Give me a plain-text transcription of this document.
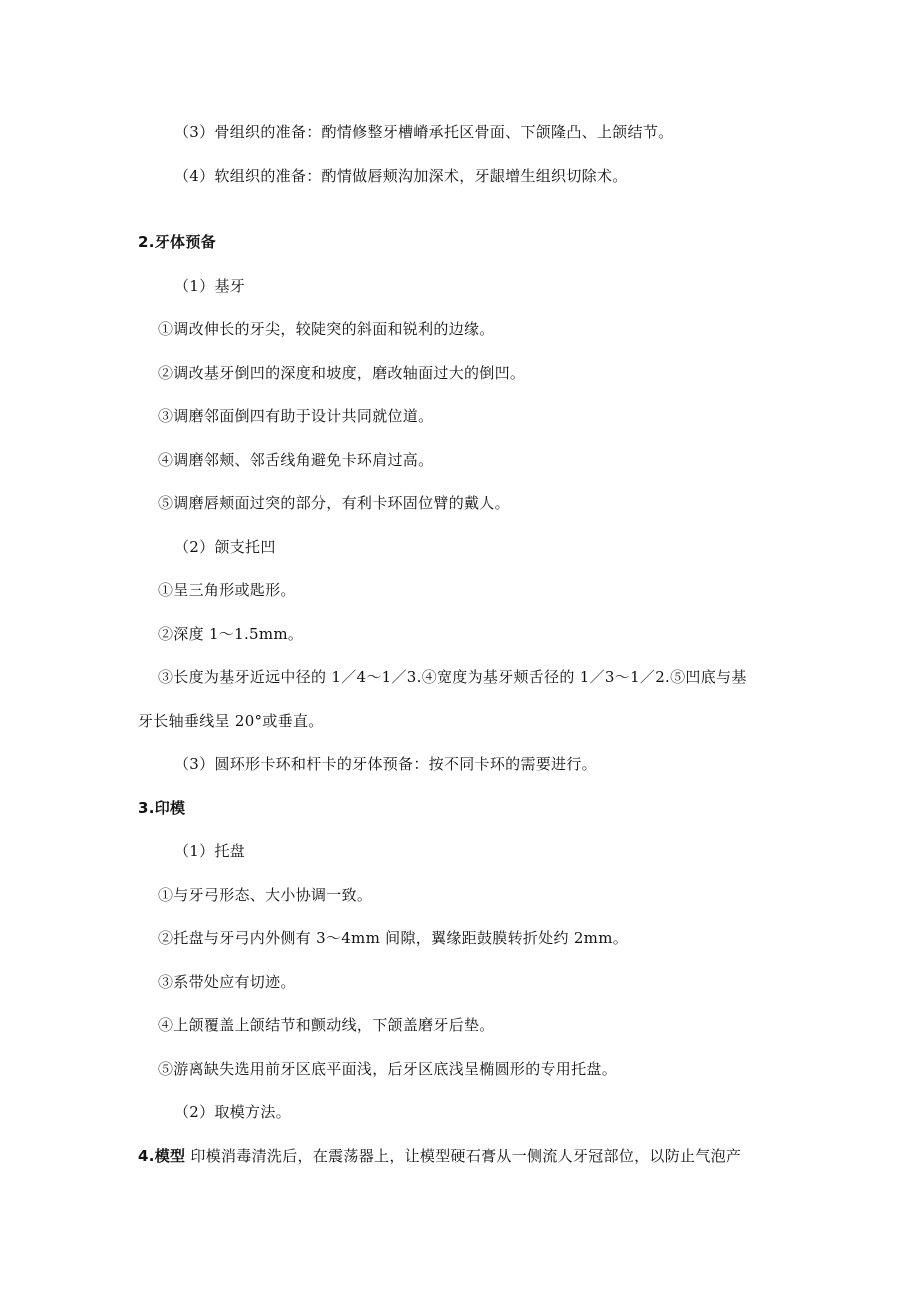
（3）骨组织的准备：酌情修整牙槽嵴承托区骨面、下颌隆凸、上颌结节。
（4）软组织的准备：酌情做唇颊沟加深术，牙龈增生组织切除术。
2.牙体预备
（1）基牙
①调改伸长的牙尖，较陡突的斜面和锐利的边缘。
②调改基牙倒凹的深度和坡度，磨改轴面过大的倒凹。
③调磨邻面倒四有助于设计共同就位道。
④调磨邻颊、邻舌线角避免卡环肩过高。
⑤调磨唇颊面过突的部分，有利卡环固位臂的戴人。
（2）颌支托凹
①呈三角形或匙形。
②深度 1～1.5mm。
③长度为基牙近远中径的 1／4～1／3.④宽度为基牙颊舌径的 1／3～1／2.⑤凹底与基
牙长轴垂线呈 20°或垂直。
（3）圆环形卡环和杆卡的牙体预备：按不同卡环的需要进行。
3.印模
（1）托盘
①与牙弓形态、大小协调一致。
②托盘与牙弓内外侧有 3～4mm 间隙，翼缘距鼓膜转折处约 2mm。
③系带处应有切迹。
④上颌覆盖上颌结节和颤动线，下颌盖磨牙后垫。
⑤游离缺失选用前牙区底平面浅，后牙区底浅呈椭圆形的专用托盘。
（2）取模方法。
4.模型 印模消毒清洗后，在震荡器上，让模型硬石膏从一侧流人牙冠部位，以防止气泡产
